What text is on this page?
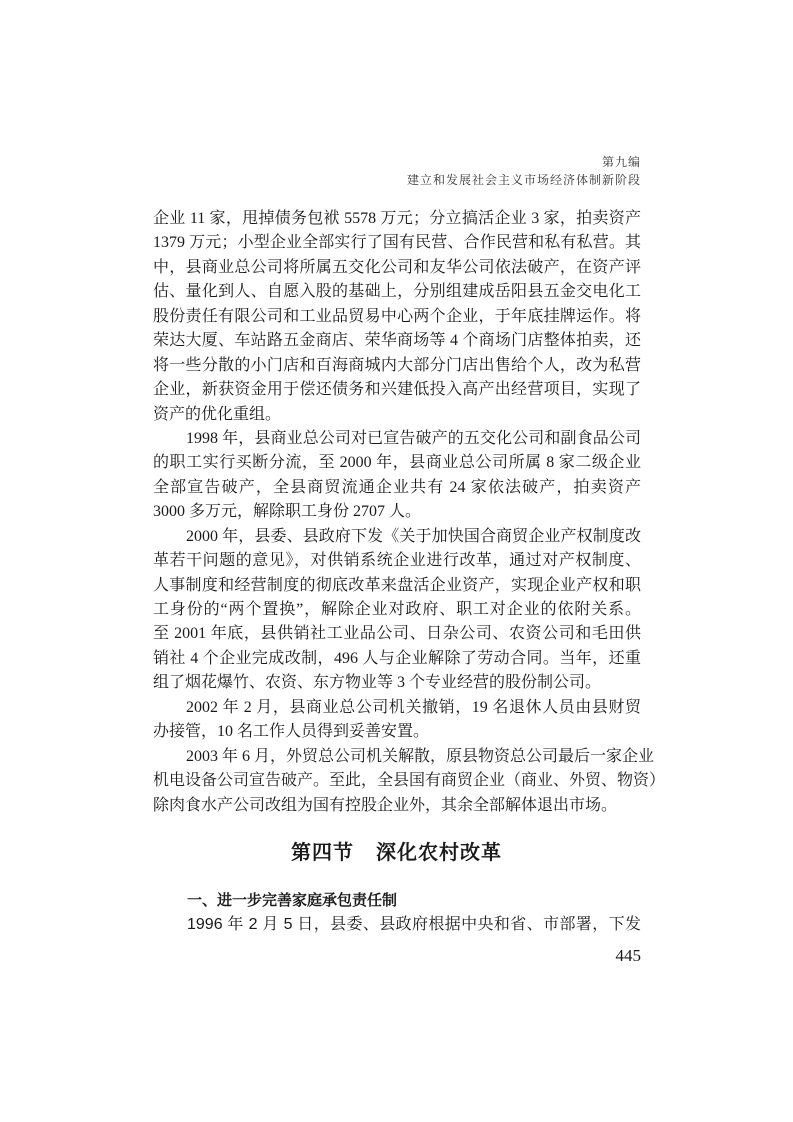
第九编
建立和发展社会主义市场经济体制新阶段
企业 11 家，甩掉债务包袱 5578 万元；分立搞活企业 3 家，拍卖资产
1379 万元；小型企业全部实行了国有民营、合作民营和私有私营。其
中，县商业总公司将所属五交化公司和友华公司依法破产，在资产评
估、量化到人、自愿入股的基础上，分别组建成岳阳县五金交电化工
股份责任有限公司和工业品贸易中心两个企业，于年底挂牌运作。将
荣达大厦、车站路五金商店、荣华商场等 4 个商场门店整体拍卖，还
将一些分散的小门店和百海商城内大部分门店出售给个人，改为私营
企业，新获资金用于偿还债务和兴建低投入高产出经营项目，实现了
资产的优化重组。
1998 年，县商业总公司对已宣告破产的五交化公司和副食品公司
的职工实行买断分流，至 2000 年，县商业总公司所属 8 家二级企业
全部宣告破产，全县商贸流通企业共有 24 家依法破产，拍卖资产
3000 多万元，解除职工身份 2707 人。
2000 年，县委、县政府下发《关于加快国合商贸企业产权制度改
革若干问题的意见》，对供销系统企业进行改革，通过对产权制度、
人事制度和经营制度的彻底改革来盘活企业资产，实现企业产权和职
工身份的“两个置换”，解除企业对政府、职工对企业的依附关系。
至 2001 年底，县供销社工业品公司、日杂公司、农资公司和毛田供
销社 4 个企业完成改制，496 人与企业解除了劳动合同。当年，还重
组了烟花爆竹、农资、东方物业等 3 个专业经营的股份制公司。
2002 年 2 月，县商业总公司机关撤销，19 名退休人员由县财贸
办接管，10 名工作人员得到妥善安置。
2003 年 6 月，外贸总公司机关解散，原县物资总公司最后一家企业
机电设备公司宣告破产。至此，全县国有商贸企业（商业、外贸、物资）
除肉食水产公司改组为国有控股企业外，其余全部解体退出市场。
第四节 深化农村改革
一、进一步完善家庭承包责任制
1996 年 2 月 5 日，县委、县政府根据中央和省、市部署，下发
445
